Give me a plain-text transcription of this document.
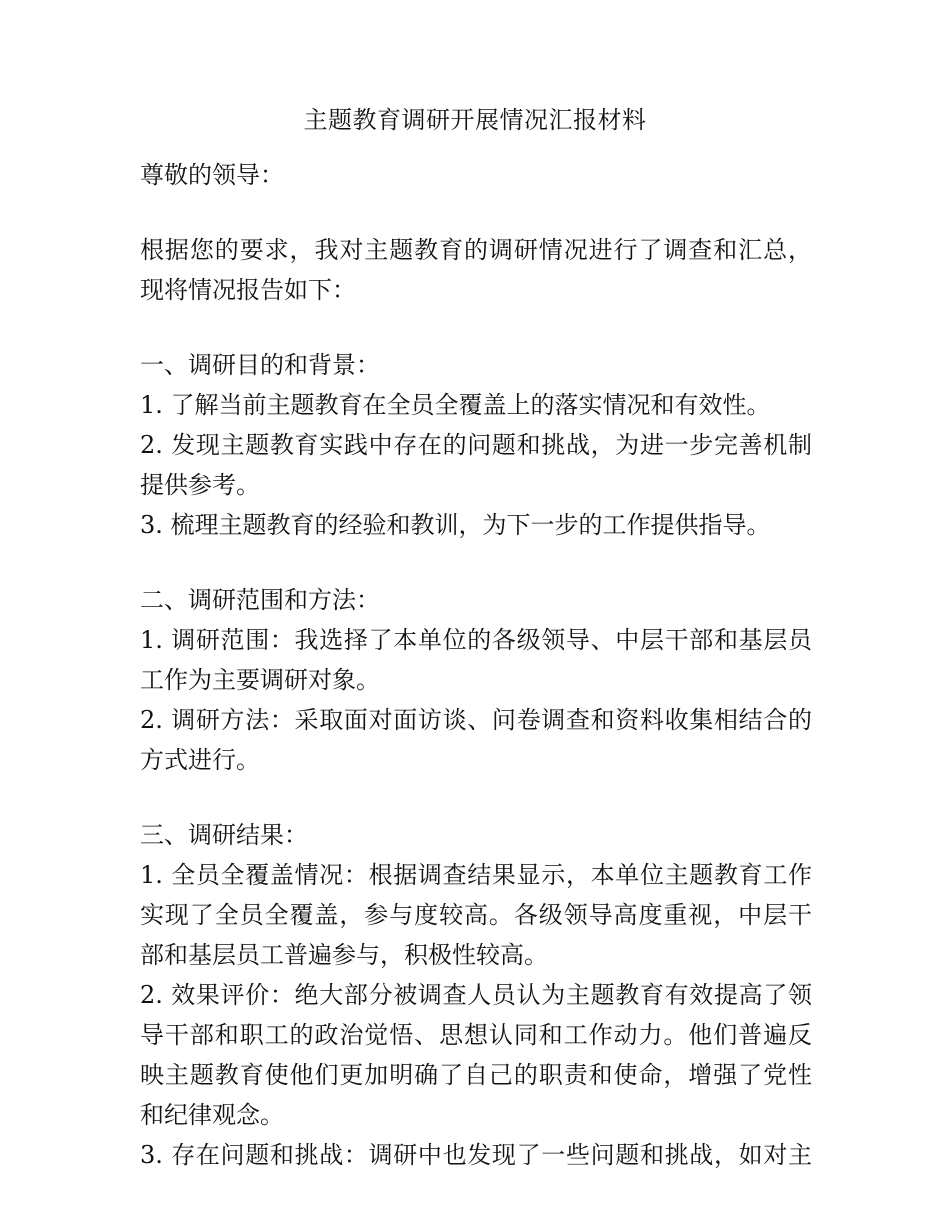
主题教育调研开展情况汇报材料
尊敬的领导：
根据您的要求，我对主题教育的调研情况进行了调查和汇总，
现将情况报告如下：
一、调研目的和背景：
1. 了解当前主题教育在全员全覆盖上的落实情况和有效性。
2. 发现主题教育实践中存在的问题和挑战，为进一步完善机制
提供参考。
3. 梳理主题教育的经验和教训，为下一步的工作提供指导。
二、调研范围和方法：
1. 调研范围：我选择了本单位的各级领导、中层干部和基层员
工作为主要调研对象。
2. 调研方法：采取面对面访谈、问卷调查和资料收集相结合的
方式进行。
三、调研结果：
1. 全员全覆盖情况：根据调查结果显示，本单位主题教育工作
实现了全员全覆盖，参与度较高。各级领导高度重视，中层干
部和基层员工普遍参与，积极性较高。
2. 效果评价：绝大部分被调查人员认为主题教育有效提高了领
导干部和职工的政治觉悟、思想认同和工作动力。他们普遍反
映主题教育使他们更加明确了自己的职责和使命，增强了党性
和纪律观念。
3. 存在问题和挑战：调研中也发现了一些问题和挑战，如对主
